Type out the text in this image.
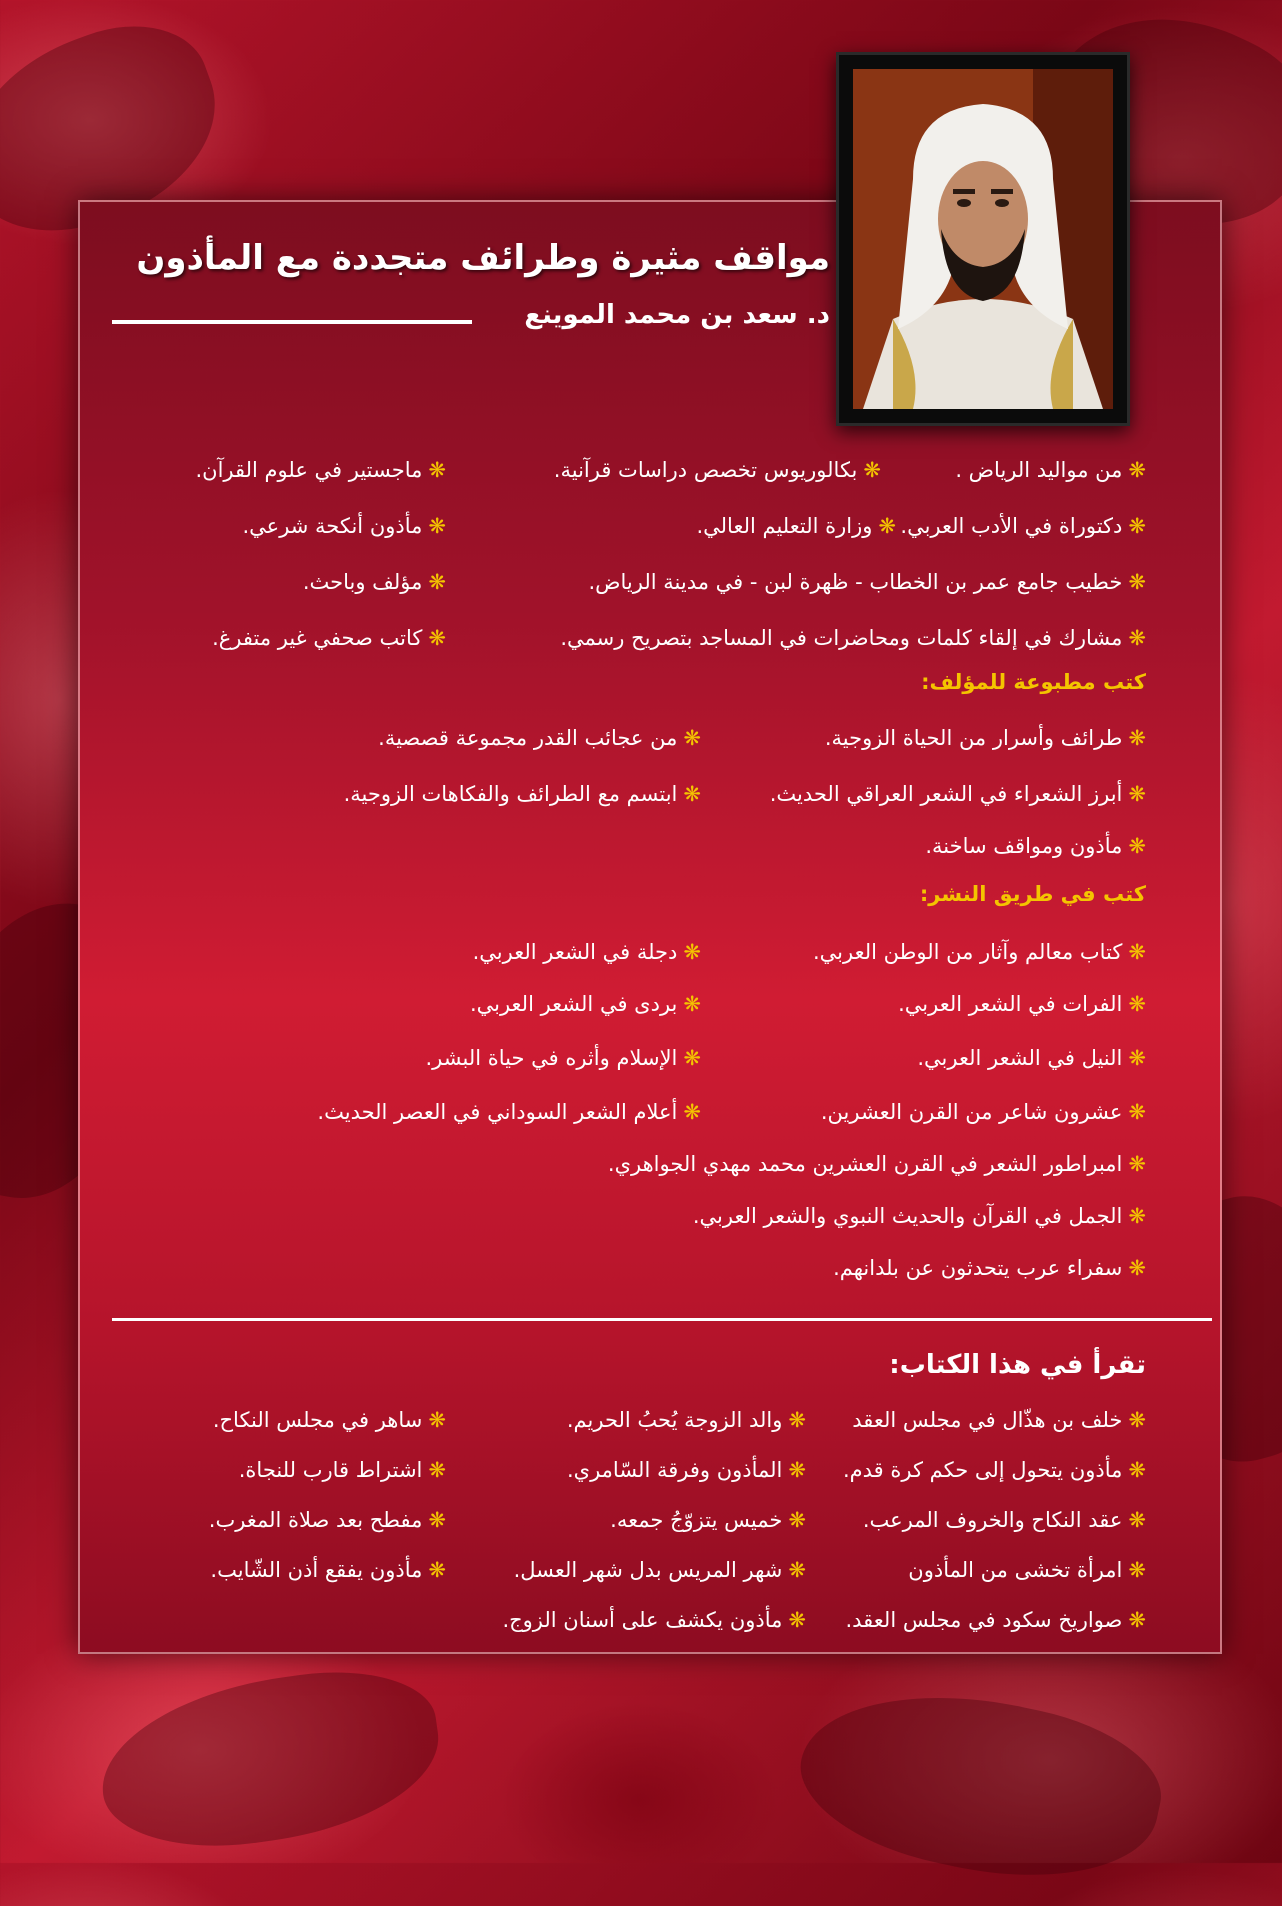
مواقف مثيرة وطرائف متجددة مع المأذون
د. سعد بن محمد الموينع
❋من مواليد الرياض .
❋بكالوريوس تخصص دراسات قرآنية.
❋ماجستير في علوم القرآن.
❋دكتوراة في الأدب العربي.
❋وزارة التعليم العالي.
❋مأذون أنكحة شرعي.
❋خطيب جامع عمر بن الخطاب - ظهرة لبن - في مدينة الرياض.
❋مؤلف وباحث.
❋مشارك في إلقاء كلمات ومحاضرات في المساجد بتصريح رسمي.
❋كاتب صحفي غير متفرغ.
كتب مطبوعة للمؤلف:
❋طرائف وأسرار من الحياة الزوجية.
❋من عجائب القدر مجموعة قصصية.
❋أبرز الشعراء في الشعر العراقي الحديث.
❋ابتسم مع الطرائف والفكاهات الزوجية.
❋مأذون ومواقف ساخنة.
كتب في طريق النشر:
❋كتاب معالم وآثار من الوطن العربي.
❋دجلة في الشعر العربي.
❋الفرات في الشعر العربي.
❋بردى في الشعر العربي.
❋النيل في الشعر العربي.
❋الإسلام وأثره في حياة البشر.
❋عشرون شاعر من القرن العشرين.
❋أعلام الشعر السوداني في العصر الحديث.
❋امبراطور الشعر في القرن العشرين محمد مهدي الجواهري.
❋الجمل في القرآن والحديث النبوي والشعر العربي.
❋سفراء عرب يتحدثون عن بلدانهم.
تقرأ في هذا الكتاب:
❋خلف بن هذّال في مجلس العقد
❋والد الزوجة يُحبُ الحريم.
❋ساهر في مجلس النكاح.
❋مأذون يتحول إلى حكم كرة قدم.
❋المأذون وفرقة السّامري.
❋اشتراط قارب للنجاة.
❋عقد النكاح والخروف المرعب.
❋خميس يتزوّجُ جمعه.
❋مفطح بعد صلاة المغرب.
❋امرأة تخشى من المأذون
❋شهر المريس بدل شهر العسل.
❋مأذون يفقع أذن الشّايب.
❋صواريخ سكود في مجلس العقد.
❋مأذون يكشف على أسنان الزوج.
